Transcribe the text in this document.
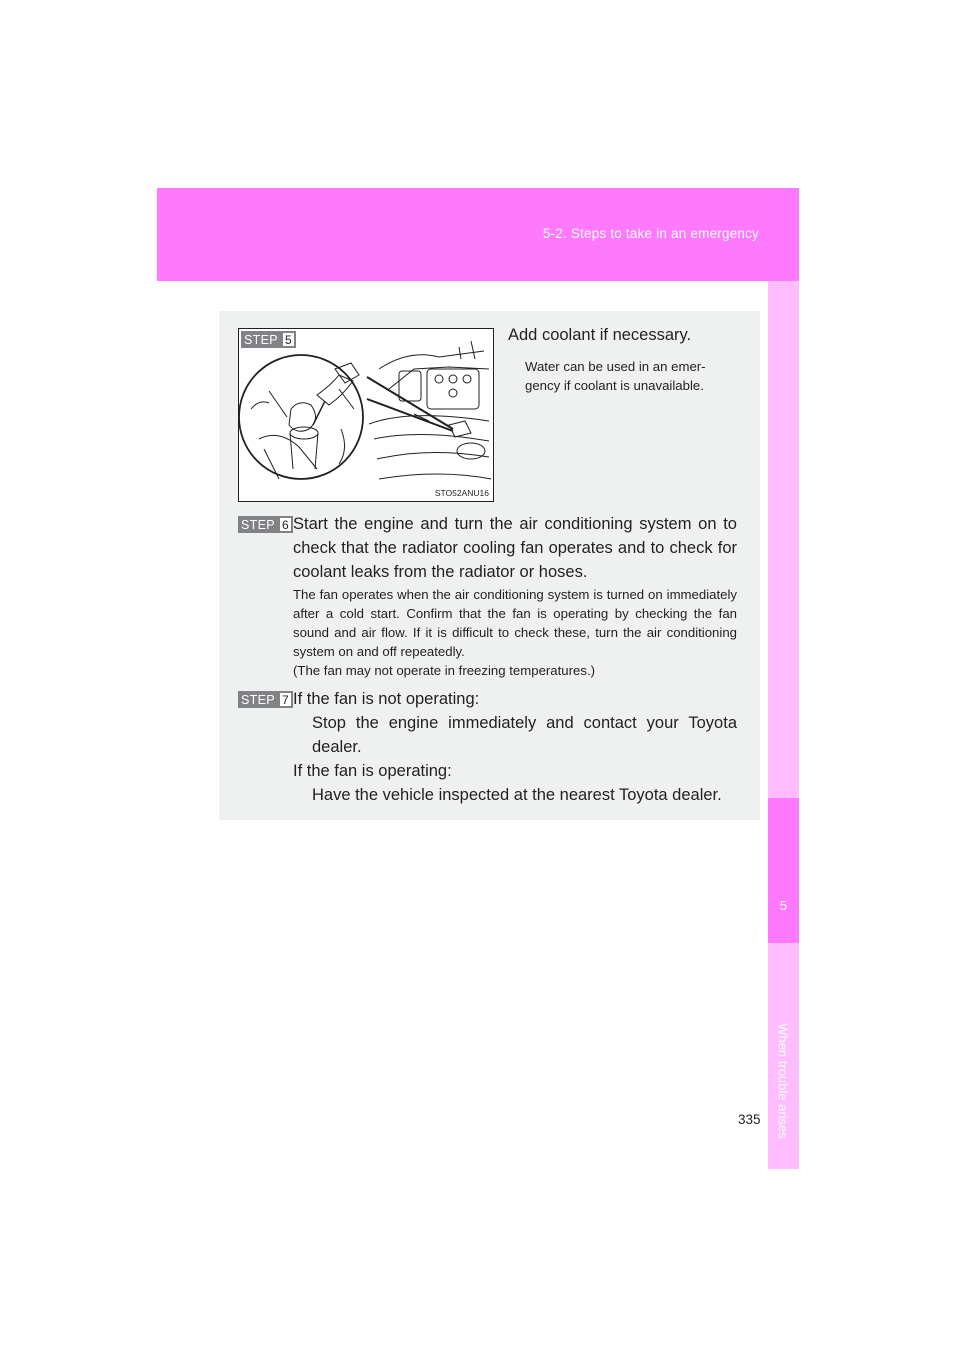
5-2. Steps to take in an emergency
5
When trouble arises
STO52ANU16
STEP 5	Add coolant if necessary.
Water can be used in an emer-
gency if coolant is unavailable.
STEP 6 Start the engine and turn the air conditioning system on to check that the radiator cooling fan operates and to check for coolant leaks from the radiator or hoses.
The fan operates when the air conditioning system is turned on immediately after a cold start. Confirm that the fan is operating by checking the fan sound and air flow. If it is difficult to check these, turn the air conditioning system on and off repeatedly.
(The fan may not operate in freezing temperatures.)
STEP 7 If the fan is not operating:
Stop the engine immediately and contact your Toyota dealer.
If the fan is operating:
Have the vehicle inspected at the nearest Toyota dealer.
335
